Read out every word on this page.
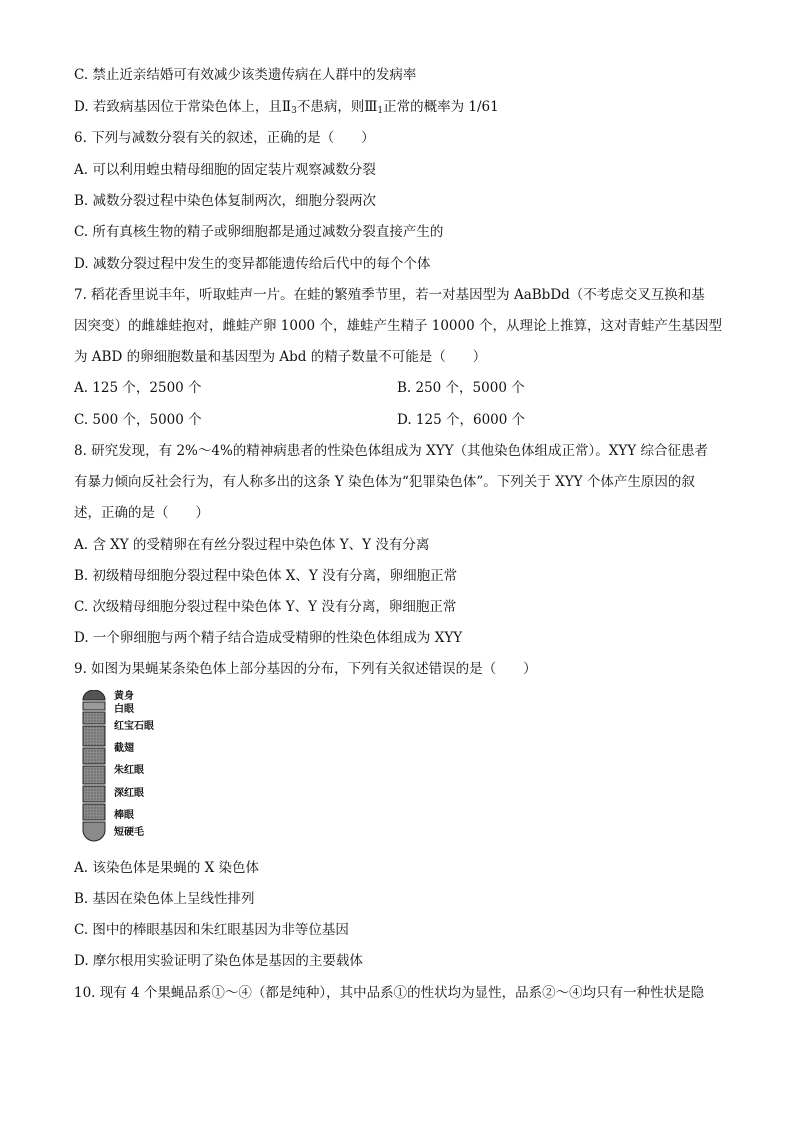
C. 禁止近亲结婚可有效减少该类遗传病在人群中的发病率
D. 若致病基因位于常染色体上，且$Ⅱ_3$不患病，则$Ⅲ_1$正常的概率为 1/61
6. 下列与减数分裂有关的叙述，正确的是（　　）
A. 可以利用蝗虫精母细胞的固定装片观察减数分裂
B. 减数分裂过程中染色体复制两次，细胞分裂两次
C. 所有真核生物的精子或卵细胞都是通过减数分裂直接产生的
D. 减数分裂过程中发生的变异都能遗传给后代中的每个个体
7. 稻花香里说丰年，听取蛙声一片。在蛙的繁殖季节里，若一对基因型为 AaBbDd（不考虑交叉互换和基
因突变）的雌雄蛙抱对，雌蛙产卵 1000 个，雄蛙产生精子 10000 个，从理论上推算，这对青蛙产生基因型
为 ABD 的卵细胞数量和基因型为 Abd 的精子数量不可能是（　　）
A. 125 个，2500 个	B. 250 个，5000 个
C. 500 个，5000 个	D. 125 个，6000 个
8. 研究发现，有 2%～4%的精神病患者的性染色体组成为 XYY（其他染色体组成正常）。XYY 综合征患者
有暴力倾向反社会行为，有人称多出的这条 Y 染色体为“犯罪染色体”。下列关于 XYY 个体产生原因的叙
述，正确的是（　　）
A. 含 XY 的受精卵在有丝分裂过程中染色体 Y、Y 没有分离
B. 初级精母细胞分裂过程中染色体 X、Y 没有分离，卵细胞正常
C. 次级精母细胞分裂过程中染色体 Y、Y 没有分离，卵细胞正常
D. 一个卵细胞与两个精子结合造成受精卵的性染色体组成为 XYY
9. 如图为果蝇某条染色体上部分基因的分布，下列有关叙述错误的是（　　）
黄身
白眼
红宝石眼
截翅
朱红眼
深红眼
棒眼
短硬毛
A. 该染色体是果蝇的 X 染色体
B. 基因在染色体上呈线性排列
C. 图中的棒眼基因和朱红眼基因为非等位基因
D. 摩尔根用实验证明了染色体是基因的主要载体
10. 现有 4 个果蝇品系①～④（都是纯种），其中品系①的性状均为显性，品系②～④均只有一种性状是隐
